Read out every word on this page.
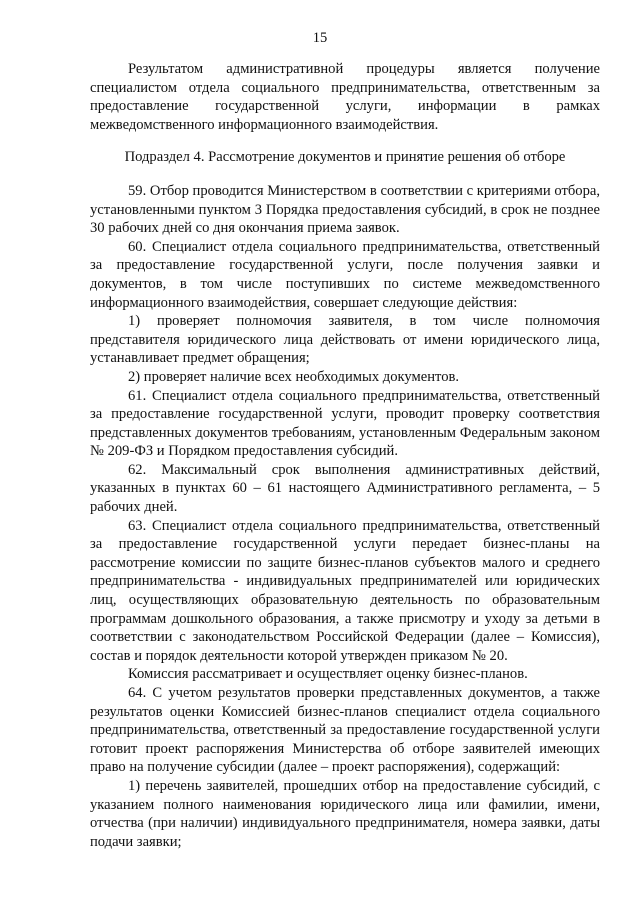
15

Результатом административной процедуры является получение специалистом отдела социального предпринимательства, ответственным за предоставление государственной услуги, информации в рамках межведомственного информационного взаимодействия.

Подраздел 4. Рассмотрение документов и принятие решения об отборе

59. Отбор проводится Министерством в соответствии с критериями отбора, установленными пунктом 3 Порядка предоставления субсидий, в срок не позднее 30 рабочих дней со дня окончания приема заявок.

60. Специалист отдела социального предпринимательства, ответственный за предоставление государственной услуги, после получения заявки и документов, в том числе поступивших по системе межведомственного информационного взаимодействия, совершает следующие действия:

1) проверяет полномочия заявителя, в том числе полномочия представителя юридического лица действовать от имени юридического лица, устанавливает предмет обращения;

2) проверяет наличие всех необходимых документов.

61. Специалист отдела социального предпринимательства, ответственный за предоставление государственной услуги, проводит проверку соответствия представленных документов требованиям, установленным Федеральным законом № 209-ФЗ и Порядком предоставления субсидий.

62. Максимальный срок выполнения административных действий, указанных в пунктах 60 – 61 настоящего Административного регламента, – 5 рабочих дней.

63. Специалист отдела социального предпринимательства, ответственный за предоставление государственной услуги передает бизнес-планы на рассмотрение комиссии по защите бизнес-планов субъектов малого и среднего предпринимательства - индивидуальных предпринимателей или юридических лиц, осуществляющих образовательную деятельность по образовательным программам дошкольного образования, а также присмотру и уходу за детьми в соответствии с законодательством Российской Федерации (далее – Комиссия), состав и порядок деятельности которой утвержден приказом № 20.

Комиссия рассматривает и осуществляет оценку бизнес-планов.

64. С учетом результатов проверки представленных документов, а также результатов оценки Комиссией бизнес-планов специалист отдела социального предпринимательства, ответственный за предоставление государственной услуги готовит проект распоряжения Министерства об отборе заявителей имеющих право на получение субсидии (далее – проект распоряжения), содержащий:

1) перечень заявителей, прошедших отбор на предоставление субсидий, с указанием полного наименования юридического лица или фамилии, имени, отчества (при наличии) индивидуального предпринимателя, номера заявки, даты подачи заявки;
